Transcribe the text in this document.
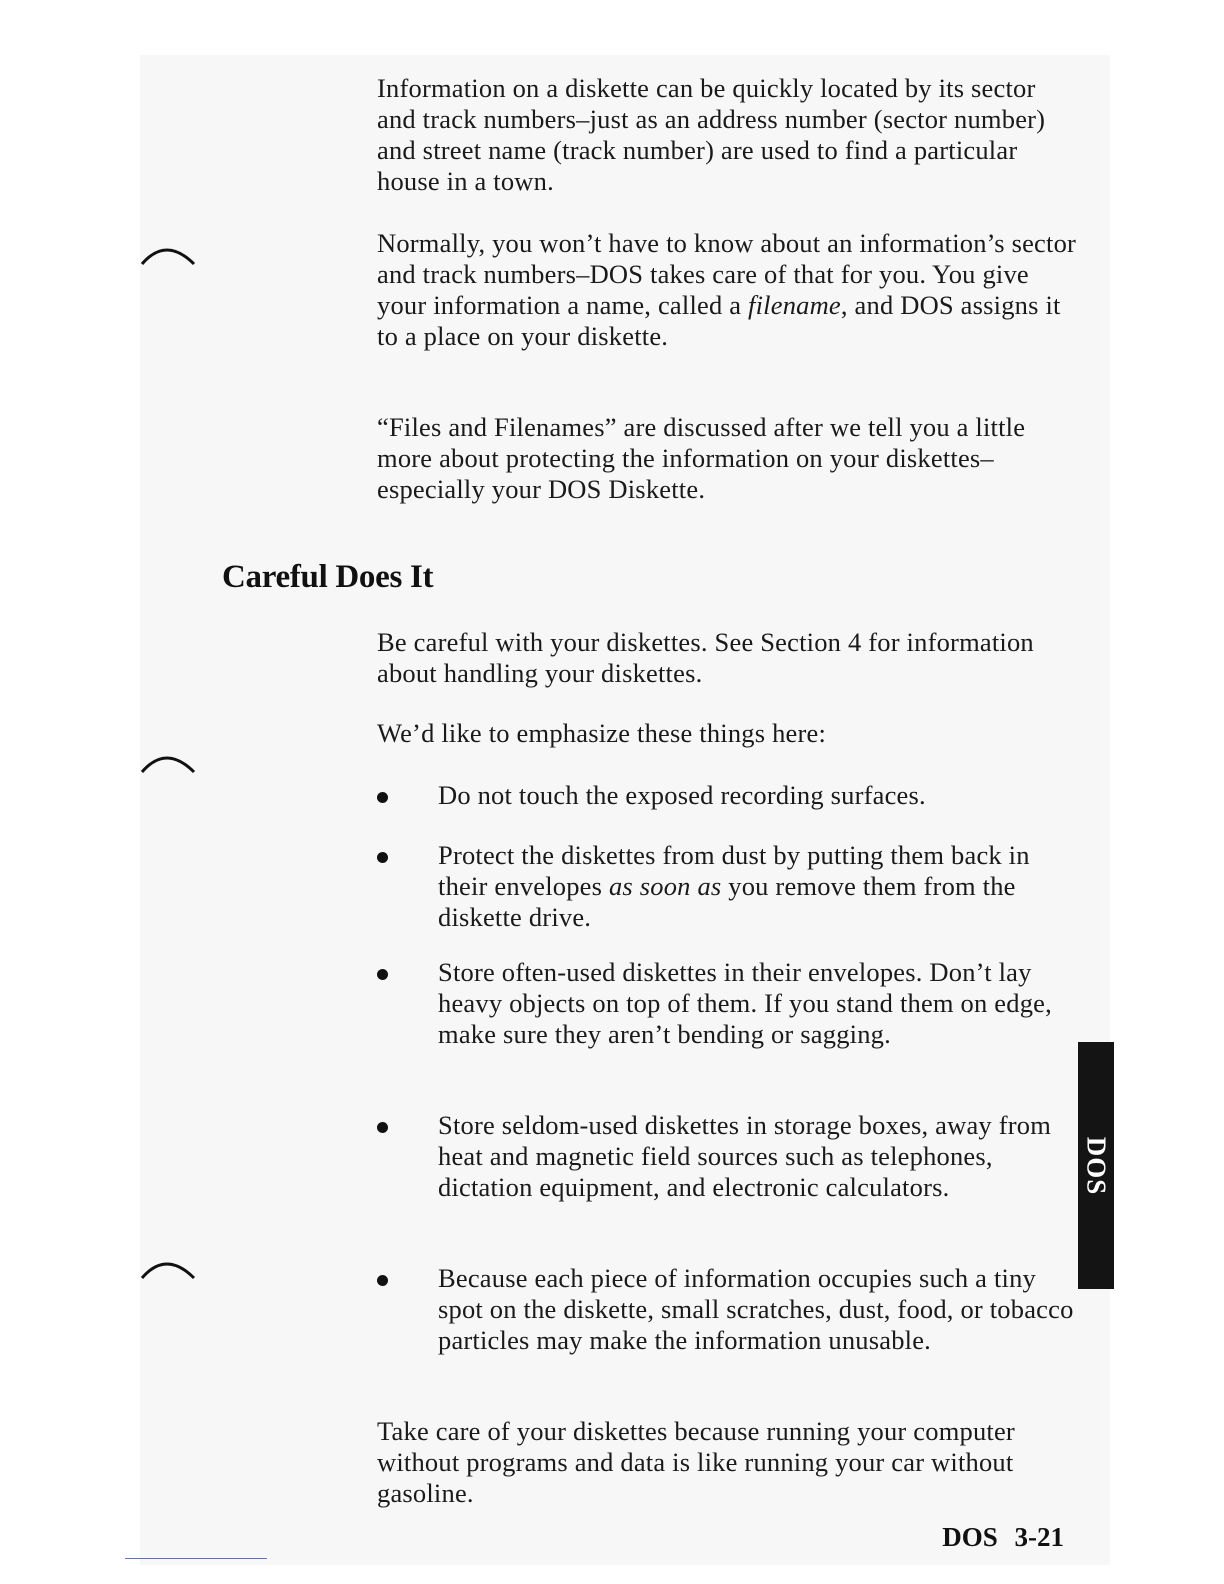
Information on a diskette can be quickly located by its sector and track numbers–just as an address number (sector number) and street name (track number) are used to find a particular house in a town.

Normally, you won’t have to know about an information’s sector and track numbers–DOS takes care of that for you. You give your information a name, called a filename, and DOS assigns it to a place on your diskette.

“Files and Filenames” are discussed after we tell you a little more about protecting the information on your diskettes–especially your DOS Diskette.

Careful Does It

Be careful with your diskettes. See Section 4 for information about handling your diskettes.

We’d like to emphasize these things here:

Do not touch the exposed recording surfaces.

Protect the diskettes from dust by putting them back in their envelopes as soon as you remove them from the diskette drive.

Store often-used diskettes in their envelopes. Don’t lay heavy objects on top of them. If you stand them on edge, make sure they aren’t bending or sagging.

Store seldom-used diskettes in storage boxes, away from heat and magnetic field sources such as telephones, dictation equipment, and electronic calculators.

Because each piece of information occupies such a tiny spot on the diskette, small scratches, dust, food, or tobacco particles may make the information unusable.

Take care of your diskettes because running your computer without programs and data is like running your car without gasoline.

DOS
DOS 3-21
